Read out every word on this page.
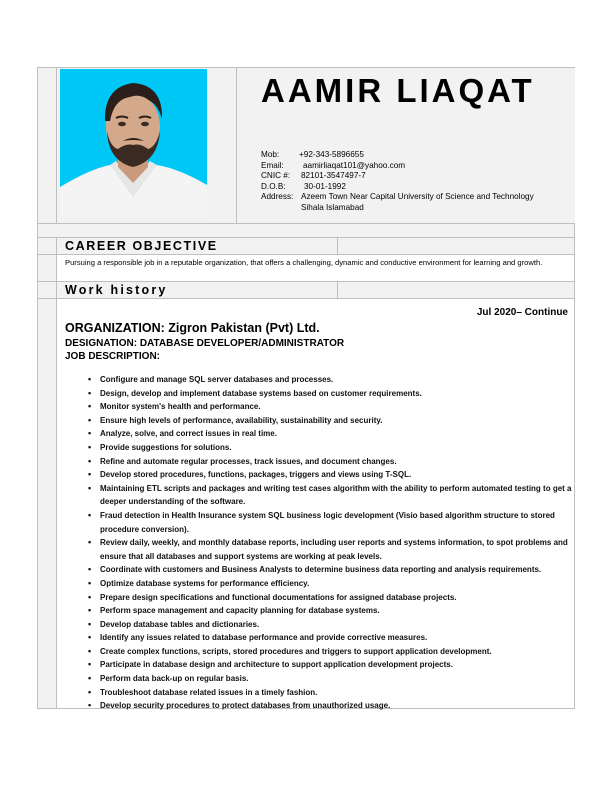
AAMIR LIAQAT
Mob:	+92-343-5896655
Email:	aamirliaqat101@yahoo.com
CNIC #:	82101-3547497-7
D.O.B:	30-01-1992
Address: Azeem Town Near Capital University of Science and Technology
Sihala Islamabad
CAREER OBJECTIVE
Pursuing a responsible job in a reputable organization, that offers a challenging, dynamic and conductive environment for learning and growth.
Work history
Jul 2020– Continue
ORGANIZATION: Zigron Pakistan (Pvt) Ltd.
DESIGNATION: DATABASE DEVELOPER/ADMINISTRATOR
JOB DESCRIPTION:
• Configure and manage SQL server databases and processes.
• Design, develop and implement database systems based on customer requirements.
• Monitor system's health and performance.
• Ensure high levels of performance, availability, sustainability and security.
• Analyze, solve, and correct issues in real time.
• Provide suggestions for solutions.
• Refine and automate regular processes, track issues, and document changes.
• Develop stored procedures, functions, packages, triggers and views using T-SQL.
• Maintaining ETL scripts and packages and writing test cases algorithm with the ability to perform automated testing to get a deeper understanding of the software.
• Fraud detection in Health Insurance system SQL business logic development (Visio based algorithm structure to stored procedure conversion).
• Review daily, weekly, and monthly database reports, including user reports and systems information, to spot problems and ensure that all databases and support systems are working at peak levels.
• Coordinate with customers and Business Analysts to determine business data reporting and analysis requirements.
• Optimize database systems for performance efficiency.
• Prepare design specifications and functional documentations for assigned database projects.
• Perform space management and capacity planning for database systems.
• Develop database tables and dictionaries.
• Identify any issues related to database performance and provide corrective measures.
• Create complex functions, scripts, stored procedures and triggers to support application development.
• Participate in database design and architecture to support application development projects.
• Perform data back-up on regular basis.
• Troubleshoot database related issues in a timely fashion.
• Develop security procedures to protect databases from unauthorized usage.
